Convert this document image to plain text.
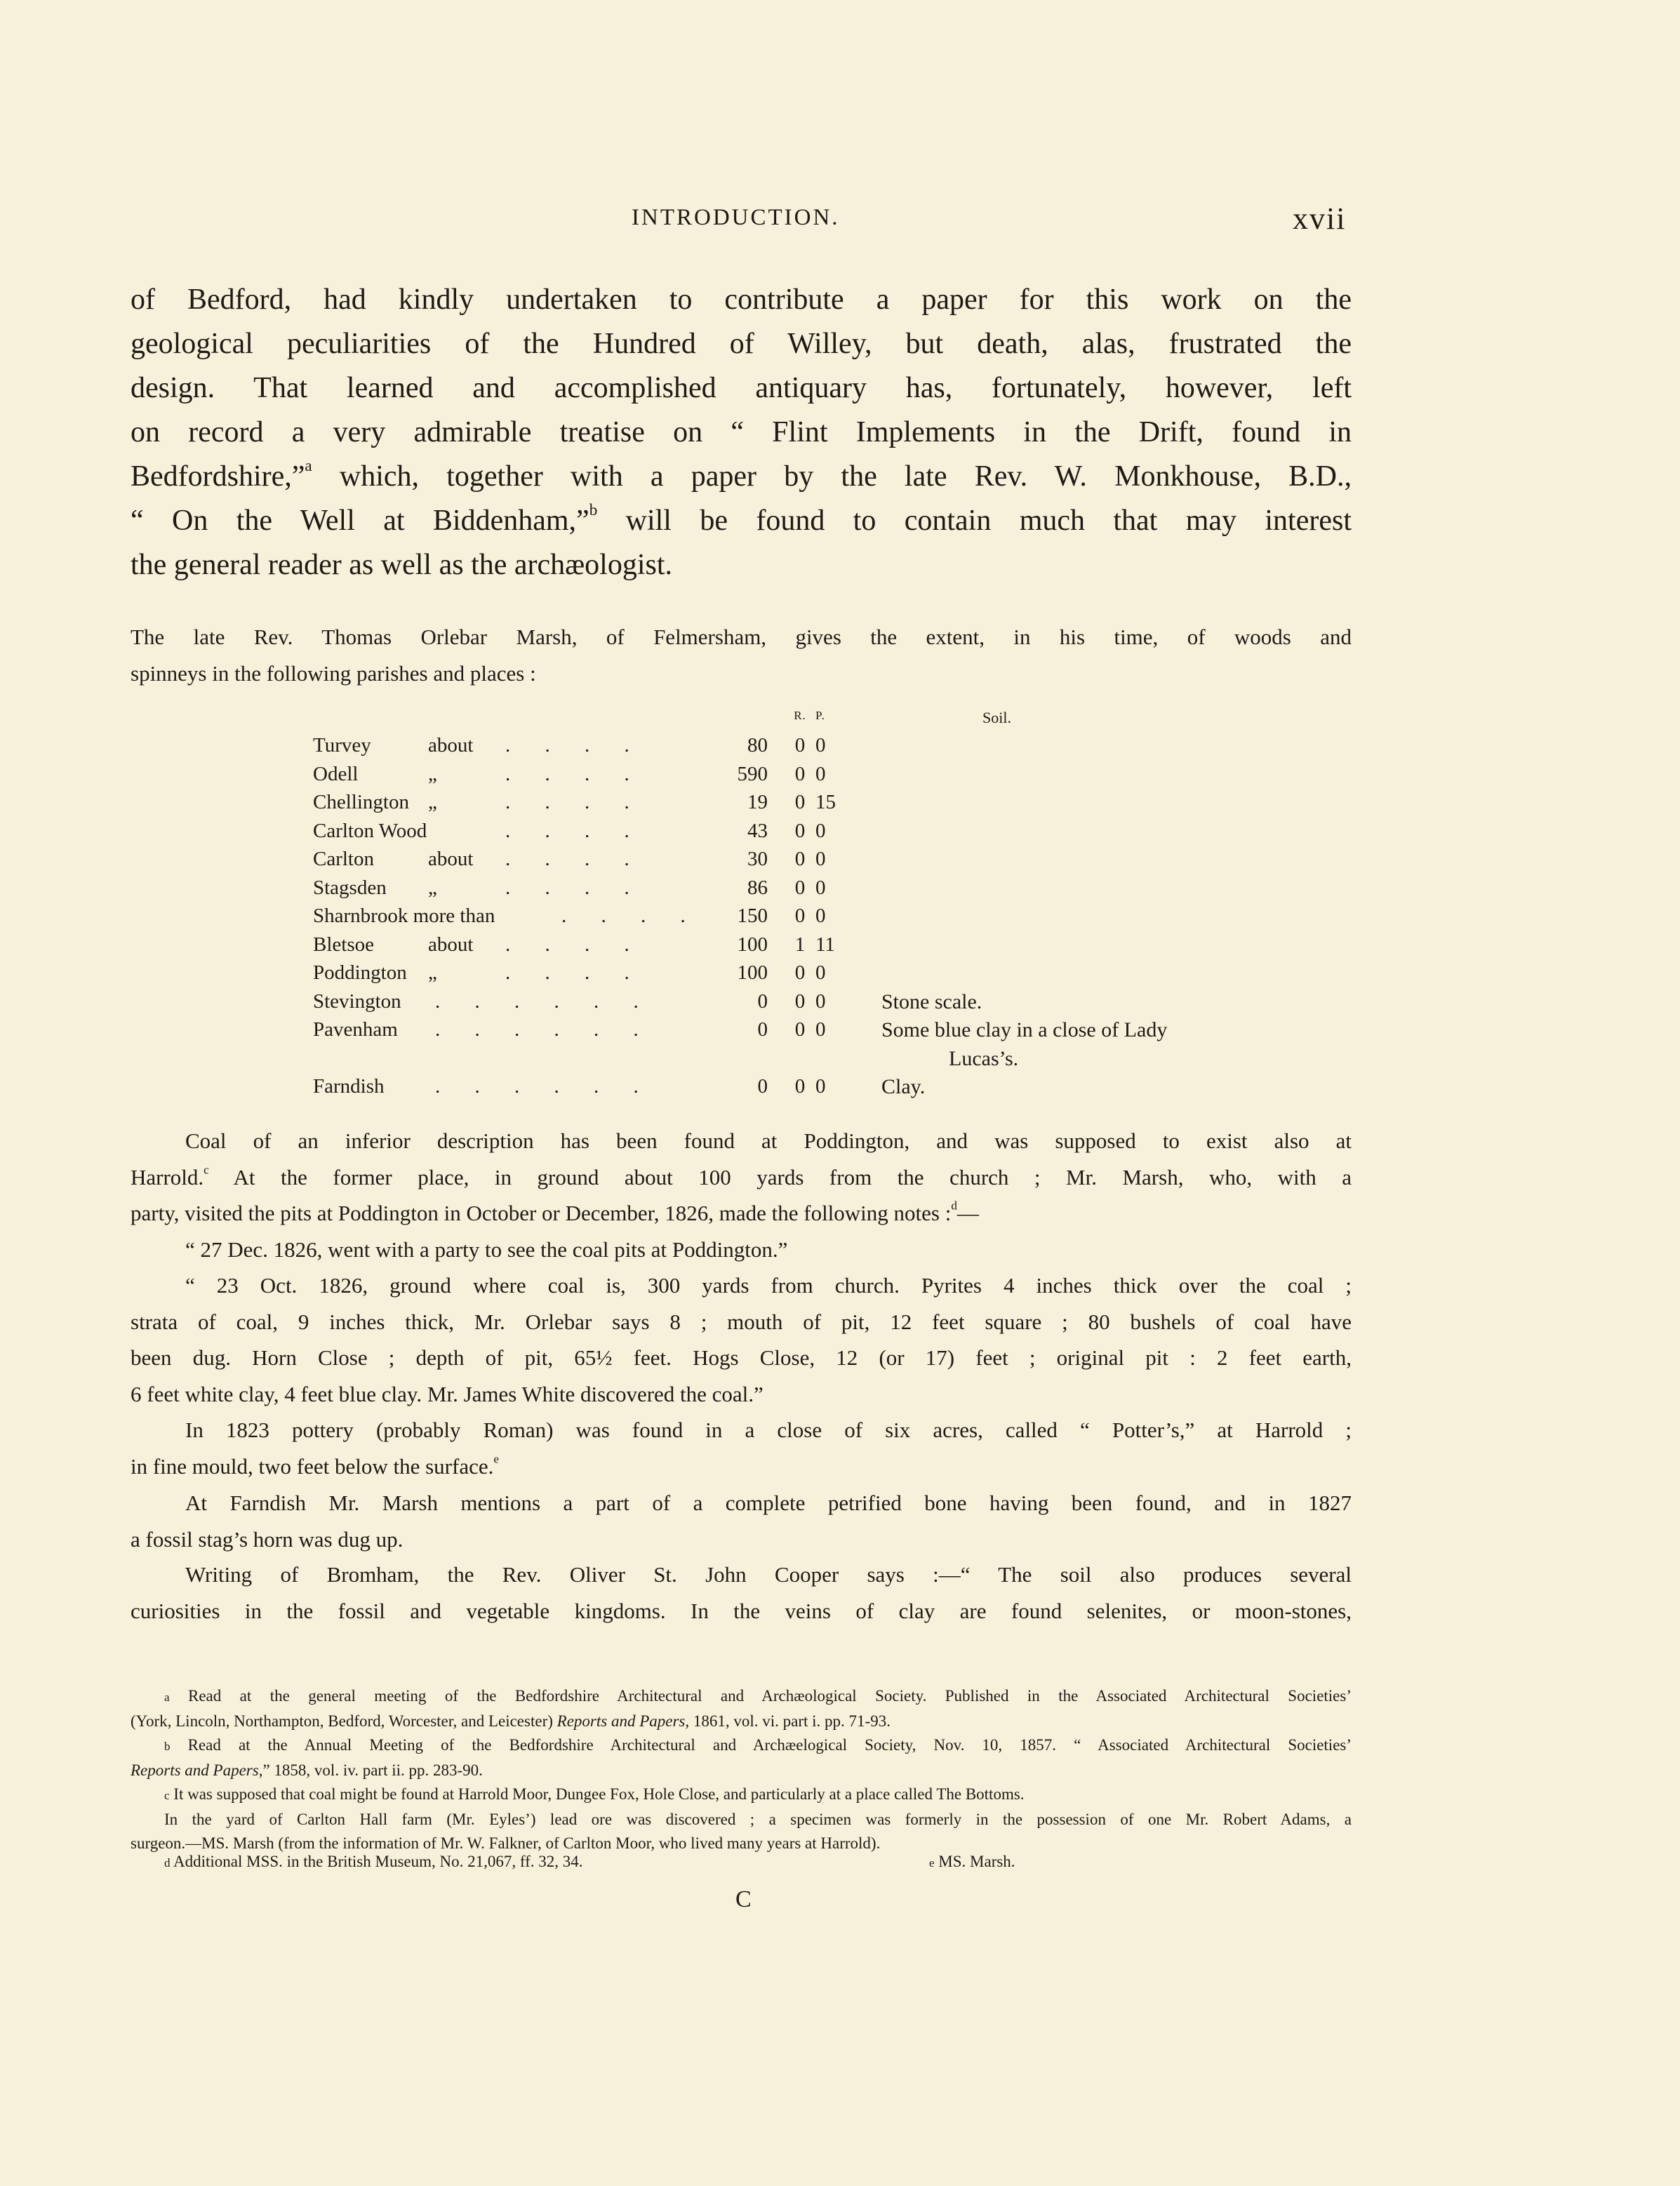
INTRODUCTION.	xvii
of Bedford, had kindly undertaken to contribute a paper for this work on the
geological peculiarities of the Hundred of Willey, but death, alas, frustrated the
design. That learned and accomplished antiquary has, fortunately, however, left
on record a very admirable treatise on “ Flint Implements in the Drift, found in
Bedfordshire,”$^a$ which, together with a paper by the late Rev. W. Monkhouse, B.D.,
“ On the Well at Biddenham,”$^b$ will be found to contain much that may interest
the general reader as well as the archæologist.
The late Rev. Thomas Orlebar Marsh, of Felmersham, gives the extent, in his time, of woods and
spinneys in the following parishes and places :
R. P.	Soil.
Turvey	about . . . .	80 0 0
Odell	„	. . . .	590 0 0
Chellington „	. . . .	19 0 15
Carlton Wood	. . . .	43 0 0
Carlton	about . . . .	30 0 0
Stagsden „	. . . .	86 0 0
Sharnbrook more than	. . . . 150 0 0
Bletsoe	about . . . .	100 1 11
Poddington „	. . . .	100 0 0
Stevington . . . . . .	0 0 0	Stone scale.
Pavenham . . . . . .	0 0 0	Some blue clay in a close of Lady
Lucas’s.
Farndish	. . . . . .	0 0 0	Clay.
Coal of an inferior description has been found at Poddington, and was supposed to exist also at
Harrold.$^c$ At the former place, in ground about 100 yards from the church ; Mr. Marsh, who, with a
party, visited the pits at Poddington in October or December, 1826, made the following notes :$^d$—
“ 27 Dec. 1826, went with a party to see the coal pits at Poddington.”
“ 23 Oct. 1826, ground where coal is, 300 yards from church. Pyrites 4 inches thick over the coal ;
strata of coal, 9 inches thick, Mr. Orlebar says 8 ; mouth of pit, 12 feet square ; 80 bushels of coal have
been dug. Horn Close ; depth of pit, 65½ feet. Hogs Close, 12 (or 17) feet ; original pit : 2 feet earth,
6 feet white clay, 4 feet blue clay. Mr. James White discovered the coal.”
In 1823 pottery (probably Roman) was found in a close of six acres, called “ Potter’s,” at Harrold ;
in fine mould, two feet below the surface.$^e$
At Farndish Mr. Marsh mentions a part of a complete petrified bone having been found, and in 1827
a fossil stag’s horn was dug up.
Writing of Bromham, the Rev. Oliver St. John Cooper says :—“ The soil also produces several
curiosities in the fossil and vegetable kingdoms. In the veins of clay are found selenites, or moon-stones,
a Read at the general meeting of the Bedfordshire Architectural and Archæological Society. Published in the Associated Architectural Societies’
(York, Lincoln, Northampton, Bedford, Worcester, and Leicester) Reports and Papers, 1861, vol. vi. part i. pp. 71-93.
b Read at the Annual Meeting of the Bedfordshire Architectural and Archæelogical Society, Nov. 10, 1857. “ Associated Architectural Societies’
Reports and Papers,” 1858, vol. iv. part ii. pp. 283-90.
c It was supposed that coal might be found at Harrold Moor, Dungee Fox, Hole Close, and particularly at a place called The Bottoms.
In the yard of Carlton Hall farm (Mr. Eyles’) lead ore was discovered ; a specimen was formerly in the possession of one Mr. Robert Adams, a
surgeon.—MS. Marsh (from the information of Mr. W. Falkner, of Carlton Moor, who lived many years at Harrold).
d Additional MSS. in the British Museum, No. 21,067, ff. 32, 34.	e MS. Marsh.
C
